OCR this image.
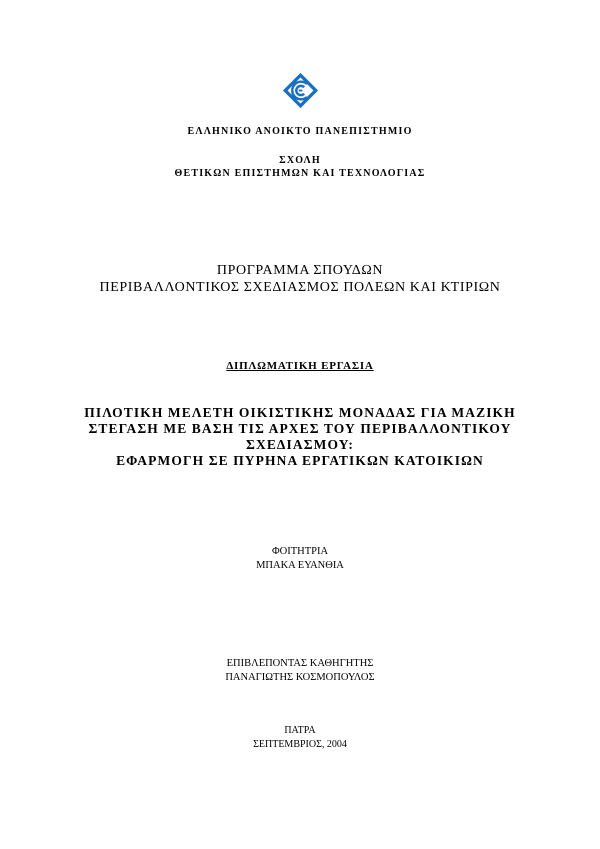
ΕΛΛΗΝΙΚΟ ΑΝΟΙΚΤΟ ΠΑΝΕΠΙΣΤΗΜΙΟ

ΣΧΟΛΗ

ΘΕΤΙΚΩΝ ΕΠΙΣΤΗΜΩΝ ΚΑΙ ΤΕΧΝΟΛΟΓΙΑΣ

ΠΡΟΓΡΑΜΜΑ ΣΠΟΥΔΩΝ

ΠΕΡΙΒΑΛΛΟΝΤΙΚΟΣ ΣΧΕΔΙΑΣΜΟΣ ΠΟΛΕΩΝ ΚΑΙ ΚΤΙΡΙΩΝ

ΔΙΠΛΩΜΑΤΙΚΗ ΕΡΓΑΣΙΑ

ΠΙΛΟΤΙΚΗ ΜΕΛΕΤΗ ΟΙΚΙΣΤΙΚΗΣ ΜΟΝΑΔΑΣ ΓΙΑ ΜΑΖΙΚΗ

ΣΤΕΓΑΣΗ ΜΕ ΒΑΣΗ ΤΙΣ ΑΡΧΕΣ ΤΟΥ ΠΕΡΙΒΑΛΛΟΝΤΙΚΟΥ

ΣΧΕΔΙΑΣΜΟΥ:

ΕΦΑΡΜΟΓΗ ΣΕ ΠΥΡΗΝΑ ΕΡΓΑΤΙΚΩΝ ΚΑΤΟΙΚΙΩΝ

ΦΟΙΤΗΤΡΙΑ

ΜΠΑΚΑ ΕΥΑΝΘΙΑ

ΕΠΙΒΛΕΠΟΝΤΑΣ ΚΑΘΗΓΗΤΗΣ

ΠΑΝΑΓΙΩΤΗΣ ΚΟΣΜΟΠΟΥΛΟΣ

ΠΑΤΡΑ

ΣΕΠΤΕΜΒΡΙΟΣ, 2004
